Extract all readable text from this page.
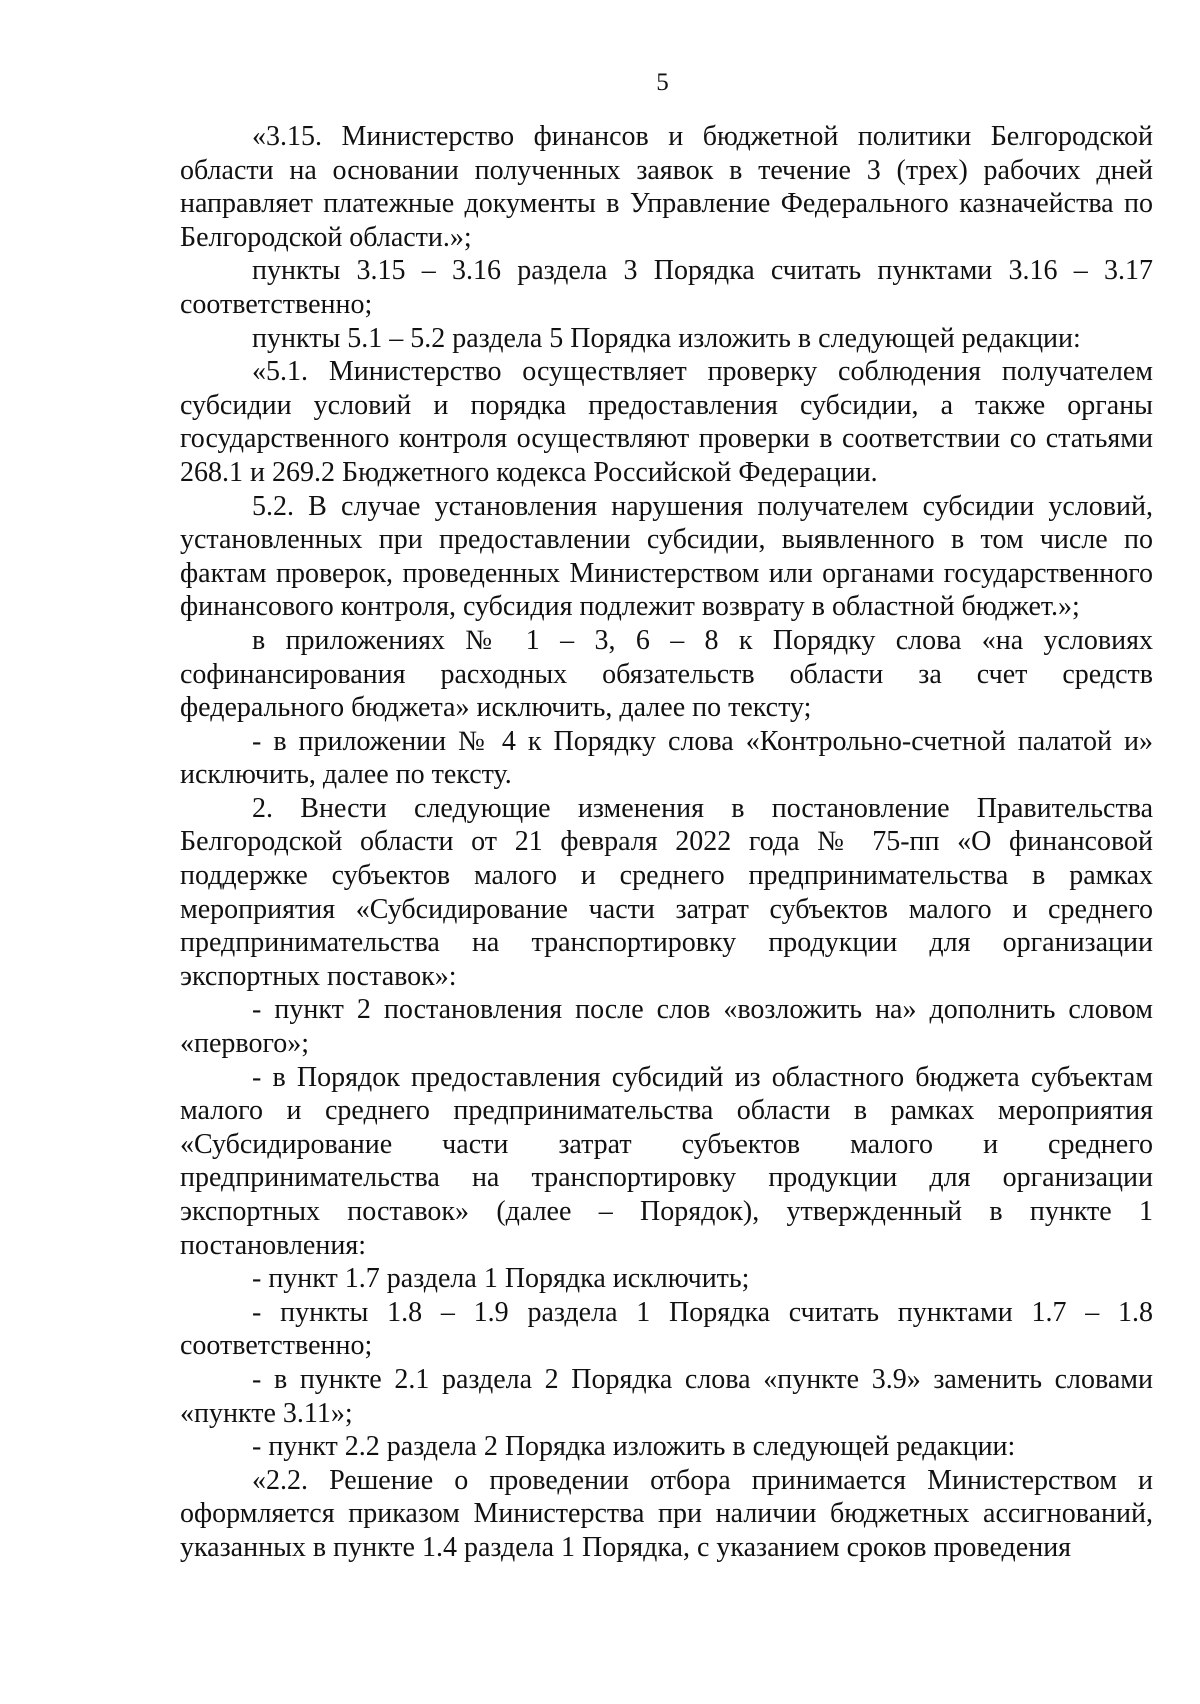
5

«3.15. Министерство финансов и бюджетной политики Белгородской области на основании полученных заявок в течение 3 (трех) рабочих дней направляет платежные документы в Управление Федерального казначейства по Белгородской области.»;

пункты 3.15 – 3.16 раздела 3 Порядка считать пунктами 3.16 – 3.17 соответственно;

пункты 5.1 – 5.2 раздела 5 Порядка изложить в следующей редакции:

«5.1. Министерство осуществляет проверку соблюдения получателем субсидии условий и порядка предоставления субсидии, а также органы государственного контроля осуществляют проверки в соответствии со статьями 268.1 и 269.2 Бюджетного кодекса Российской Федерации.

5.2. В случае установления нарушения получателем субсидии условий, установленных при предоставлении субсидии, выявленного в том числе по фактам проверок, проведенных Министерством или органами государственного финансового контроля, субсидия подлежит возврату в областной бюджет.»;

в приложениях № 1 – 3, 6 – 8 к Порядку слова «на условиях софинансирования расходных обязательств области за счет средств федерального бюджета» исключить, далее по тексту;

- в приложении № 4 к Порядку слова «Контрольно-счетной палатой и» исключить, далее по тексту.

2. Внести следующие изменения в постановление Правительства Белгородской области от 21 февраля 2022 года № 75-пп «О финансовой поддержке субъектов малого и среднего предпринимательства в рамках мероприятия «Субсидирование части затрат субъектов малого и среднего предпринимательства на транспортировку продукции для организации экспортных поставок»:

- пункт 2 постановления после слов «возложить на» дополнить словом «первого»;

- в Порядок предоставления субсидий из областного бюджета субъектам малого и среднего предпринимательства области в рамках мероприятия «Субсидирование части затрат субъектов малого и среднего предпринимательства на транспортировку продукции для организации экспортных поставок» (далее – Порядок), утвержденный в пункте 1 постановления:

- пункт 1.7 раздела 1 Порядка исключить;

- пункты 1.8 – 1.9 раздела 1 Порядка считать пунктами 1.7 – 1.8 соответственно;

- в пункте 2.1 раздела 2 Порядка слова «пункте 3.9» заменить словами «пункте 3.11»;

- пункт 2.2 раздела 2 Порядка изложить в следующей редакции:

«2.2. Решение о проведении отбора принимается Министерством и оформляется приказом Министерства при наличии бюджетных ассигнований, указанных в пункте 1.4 раздела 1 Порядка, с указанием сроков проведения
